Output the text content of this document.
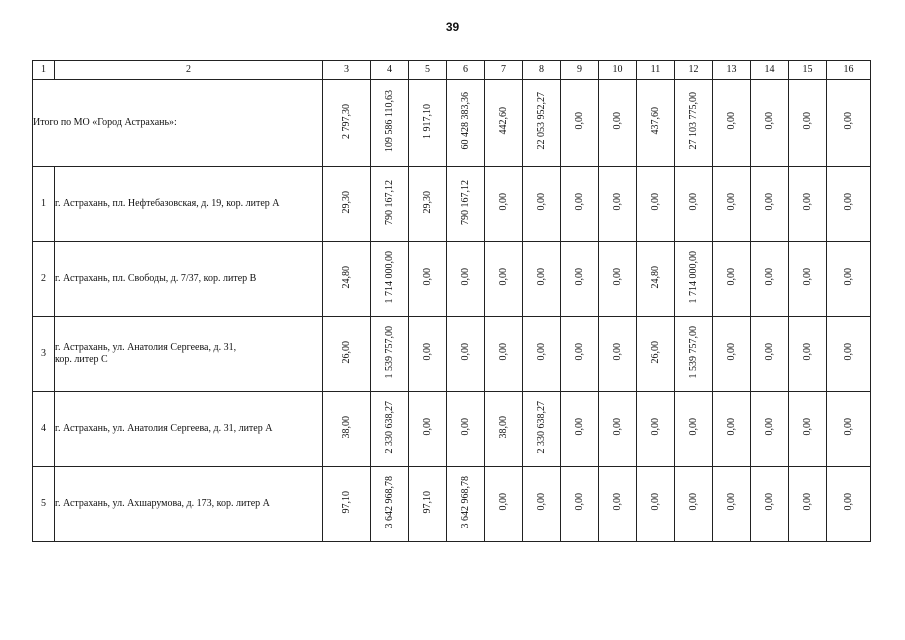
39
1	2	3	4	5	6	7	8	9	10	11	12	13	14	15	16
Итого по МО «Город Астрахань»:		2 797,30	109 586 110,63	1 917,10	60 428 383,36	442,60	22 053 952,27	0,00	0,00	437,60	27 103 775,00	0,00	0,00	0,00	0,00
1	г. Астрахань, пл. Нефтебазовская, д. 19, кор. литер А	29,30	790 167,12	29,30	790 167,12	0,00	0,00	0,00	0,00	0,00	0,00	0,00	0,00	0,00	0,00
2	г. Астрахань, пл. Свободы, д. 7/37, кор. литер В	24,80	1 714 000,00	0,00	0,00	0,00	0,00	0,00	0,00	24,80	1 714 000,00	0,00	0,00	0,00	0,00
3	г. Астрахань, ул. Анатолия Сергеева, д. 31,
кор. литер С	26,00	1 539 757,00	0,00	0,00	0,00	0,00	0,00	0,00	26,00	1 539 757,00	0,00	0,00	0,00	0,00
4	г. Астрахань, ул. Анатолия Сергеева, д. 31, литер А	38,00	2 330 638,27	0,00	0,00	38,00	2 330 638,27	0,00	0,00	0,00	0,00	0,00	0,00	0,00	0,00
5	г. Астрахань, ул. Ахшарумова, д. 173, кор. литер А	97,10	3 642 968,78	97,10	3 642 968,78	0,00	0,00	0,00	0,00	0,00	0,00	0,00	0,00	0,00	0,00
